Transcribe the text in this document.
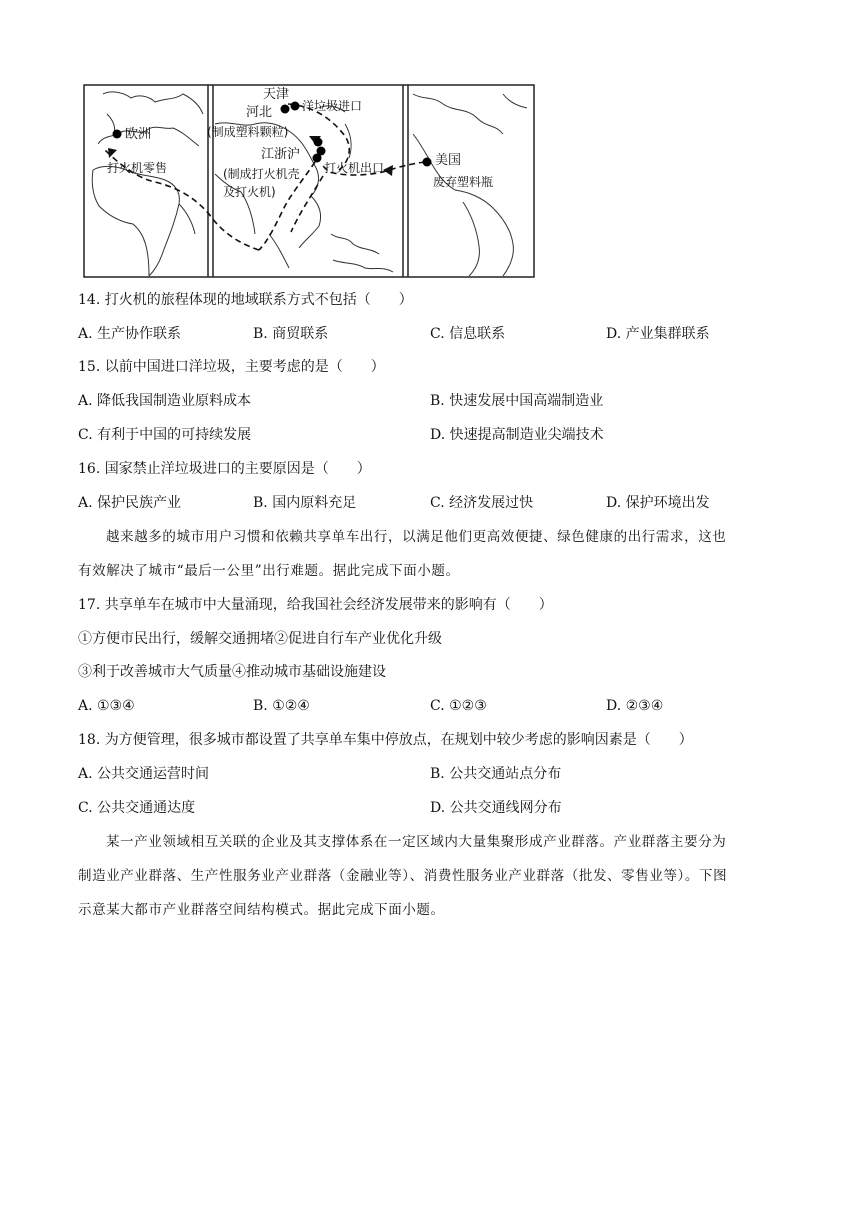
天津
河北 洋垃圾进口
(制成塑料颗粒)
江浙沪
(制成打火机壳
及打火机)
打火机出口
欧洲
打火机零售	美国
废弃塑料瓶
14. 打火机的旅程体现的地域联系方式不包括（　　）
A. 生产协作联系	B. 商贸联系	C. 信息联系	D. 产业集群联系
15. 以前中国进口洋垃圾，主要考虑的是（　　）
A. 降低我国制造业原料成本	B. 快速发展中国高端制造业
C. 有利于中国的可持续发展	D. 快速提高制造业尖端技术
16. 国家禁止洋垃圾进口的主要原因是（　　）
A. 保护民族产业	B. 国内原料充足	C. 经济发展过快	D. 保护环境出发
越来越多的城市用户习惯和依赖共享单车出行，以满足他们更高效便捷、绿色健康的出行需求，这也
有效解决了城市“最后一公里”出行难题。据此完成下面小题。
17. 共享单车在城市中大量涌现，给我国社会经济发展带来的影响有（　　）
①方便市民出行，缓解交通拥堵②促进自行车产业优化升级
③利于改善城市大气质量④推动城市基础设施建设
A. ①③④	B. ①②④	C. ①②③	D. ②③④
18. 为方便管理，很多城市都设置了共享单车集中停放点，在规划中较少考虑的影响因素是（　　）
A. 公共交通运营时间	B. 公共交通站点分布
C. 公共交通通达度	D. 公共交通线网分布
某一产业领域相互关联的企业及其支撑体系在一定区域内大量集聚形成产业群落。产业群落主要分为
制造业产业群落、生产性服务业产业群落（金融业等）、消费性服务业产业群落（批发、零售业等）。下图
示意某大都市产业群落空间结构模式。据此完成下面小题。
